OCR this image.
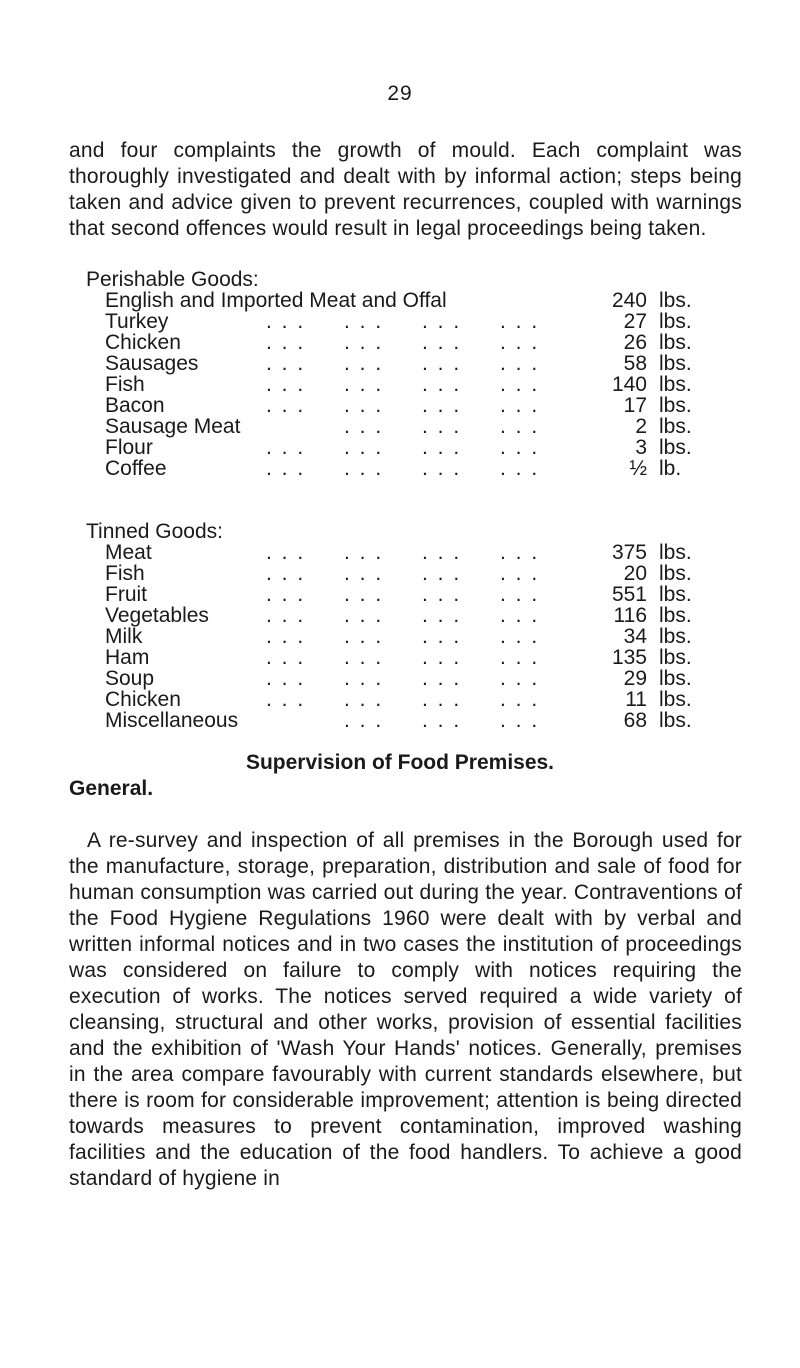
29
and four complaints the growth of mould. Each complaint was thoroughly investigated and dealt with by informal action; steps being taken and advice given to prevent recurrences, coupled with warnings that second offences would result in legal proceedings being taken.
Perishable Goods:
English and Imported Meat and Offal	240 lbs.
Turkey	. . . . . . . . . . . .	27 lbs.
Chicken	. . . . . . . . . . . .	26 lbs.
Sausages	. . . . . . . . . . . .	58 lbs.
Fish	. . . . . . . . . . . .	140 lbs.
Bacon	. . . . . . . . . . . .	17 lbs.
Sausage Meat	. . . . . . . . .	2 lbs.
Flour	. . . . . . . . . . . .	3 lbs.
Coffee	. . . . . . . . . . . .	½ lb.
Tinned Goods:
Meat	. . . . . . . . . . . .	375 lbs.
Fish	. . . . . . . . . . . .	20 lbs.
Fruit	. . . . . . . . . . . .	551 lbs.
Vegetables	. . . . . . . . . . . .	116 lbs.
Milk	. . . . . . . . . . . .	34 lbs.
Ham	. . . . . . . . . . . .	135 lbs.
Soup	. . . . . . . . . . . .	29 lbs.
Chicken	. . . . . . . . . . . .	11 lbs.
Miscellaneous	. . . . . . . . .	68 lbs.
Supervision of Food Premises.
General.
A re-survey and inspection of all premises in the Borough used for the manufacture, storage, preparation, distribution and sale of food for human consumption was carried out during the year. Contraventions of the Food Hygiene Regulations 1960 were dealt with by verbal and written informal notices and in two cases the institution of proceedings was considered on failure to comply with notices requiring the execution of works. The notices served required a wide variety of cleansing, structural and other works, provision of essential facilities and the exhibition of 'Wash Your Hands' notices. Generally, premises in the area compare favourably with current standards elsewhere, but there is room for considerable improvement; attention is being directed towards measures to prevent contamination, improved washing facilities and the education of the food handlers. To achieve a good standard of hygiene in
